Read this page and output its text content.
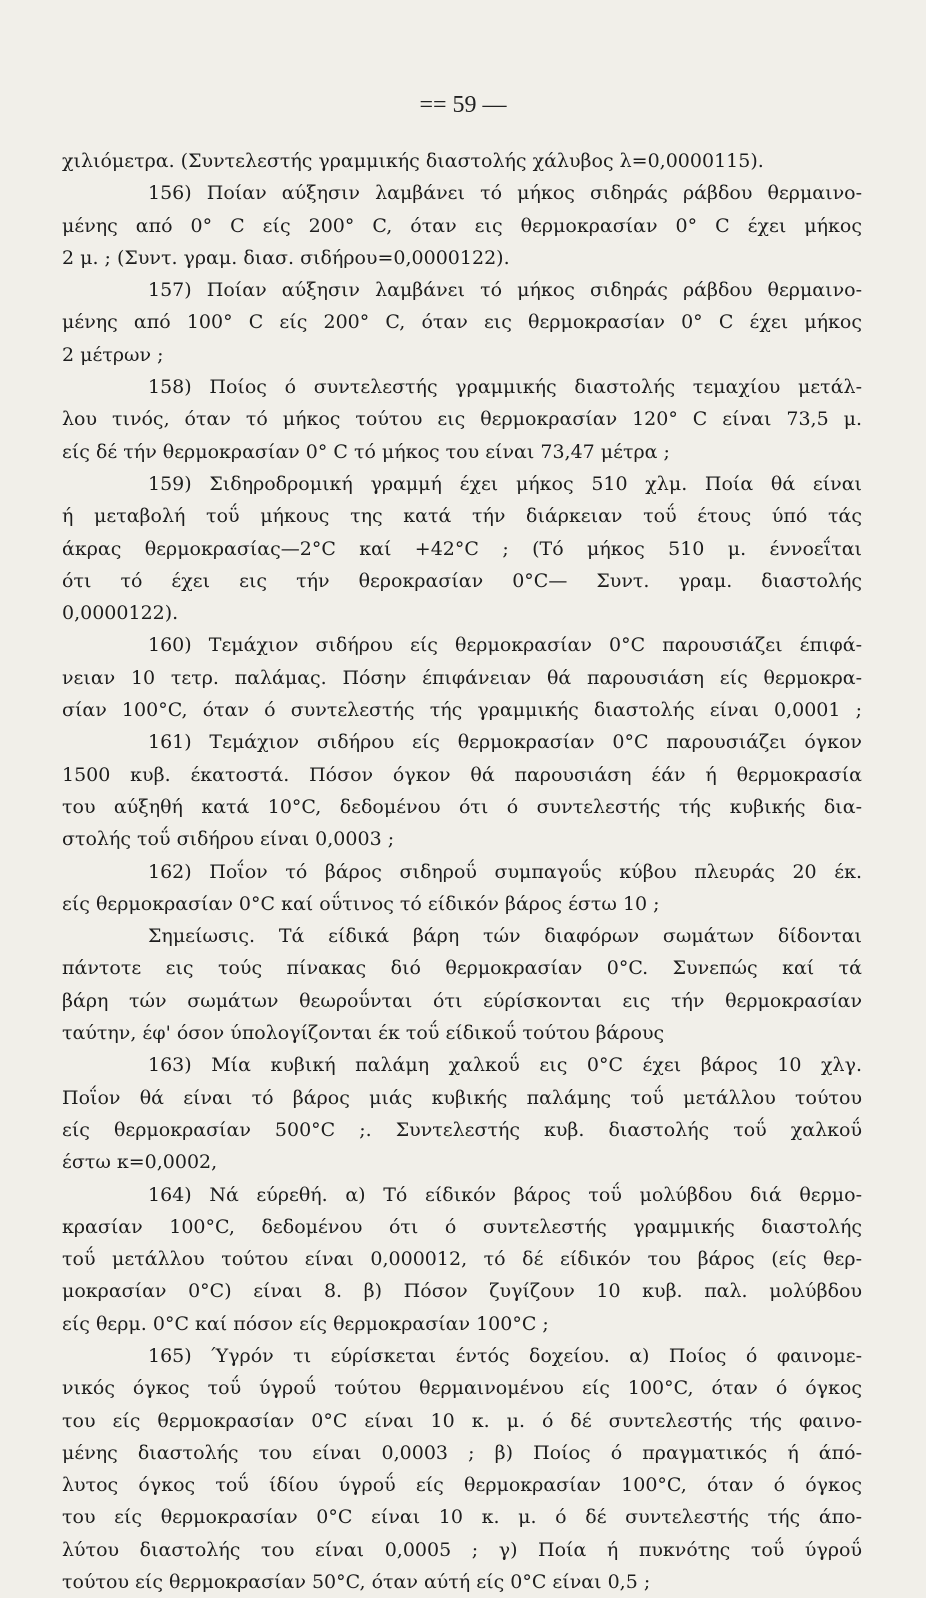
== 59 —
χιλιόμετρα. (Συντελεστής γραμμικής διαστολής χάλυβος λ=0,0000115).
156) Ποίαν αύξησιν λαμβάνει τό μήκος σιδηράς ράβδου θερμαινο-
μένης από 0° C είς 200° C, όταν εις θερμοκρασίαν 0° C έχει μήκος
2 μ. ; (Συντ. γραμ. διασ. σιδήρου=0,0000122).
157) Ποίαν αύξησιν λαμβάνει τό μήκος σιδηράς ράβδου θερμαινο-
μένης από 100° C είς 200° C, όταν εις θερμοκρασίαν 0° C έχει μήκος
2 μέτρων ;
158) Ποίος ό συντελεστής γραμμικής διαστολής τεμαχίου μετάλ-
λου τινός, όταν τό μήκος τούτου εις θερμοκρασίαν 120° C είναι 73,5 μ.
είς δέ τήν θερμοκρασίαν 0° C τό μήκος του είναι 73,47 μέτρα ;
159) Σιδηροδρομική γραμμή έχει μήκος 510 χλμ. Ποία θά είναι
ή μεταβολή τοΰ μήκους της κατά τήν διάρκειαν τοΰ έτους ύπό τάς
άκρας θερμοκρασίας—2°C καί +42°C ; (Τό μήκος 510 μ. έννοεΐται
ότι τό έχει εις τήν θεροκρασίαν 0°C— Συντ. γραμ. διαστολής
0,0000122).
160) Τεμάχιον σιδήρου είς θερμοκρασίαν 0°C παρουσιάζει έπιφά-
νειαν 10 τετρ. παλάμας. Πόσην έπιφάνειαν θά παρουσιάση είς θερμοκρα-
σίαν 100°C, όταν ό συντελεστής τής γραμμικής διαστολής είναι 0,0001 ;
161) Τεμάχιον σιδήρου είς θερμοκρασίαν 0°C παρουσιάζει όγκον
1500 κυβ. έκατοστά. Πόσον όγκον θά παρουσιάση έάν ή θερμοκρασία
του αύξηθή κατά 10°C, δεδομένου ότι ό συντελεστής τής κυβικής δια-
στολής τοΰ σιδήρου είναι 0,0003 ;
162) Ποΐον τό βάρος σιδηροΰ συμπαγοΰς κύβου πλευράς 20 έκ.
είς θερμοκρασίαν 0°C καί οΰτινος τό είδικόν βάρος έστω 10 ;
Σημείωσις. Τά είδικά βάρη τών διαφόρων σωμάτων δίδονται
πάντοτε εις τούς πίνακας διό θερμοκρασίαν 0°C. Συνεπώς καί τά
βάρη τών σωμάτων θεωροΰνται ότι εύρίσκονται εις τήν θερμοκρασίαν
ταύτην, έφ' όσον ύπολογίζονται έκ τοΰ είδικοΰ τούτου βάρους
163) Μία κυβική παλάμη χαλκοΰ εις 0°C έχει βάρος 10 χλγ.
Ποΐον θά είναι τό βάρος μιάς κυβικής παλάμης τοΰ μετάλλου τούτου
είς θερμοκρασίαν 500°C ;. Συντελεστής κυβ. διαστολής τοΰ χαλκοΰ
έστω κ=0,0002,
164) Νά εύρεθή. α) Τό είδικόν βάρος τοΰ μολύβδου διά θερμο-
κρασίαν 100°C, δεδομένου ότι ό συντελεστής γραμμικής διαστολής
τοΰ μετάλλου τούτου είναι 0,000012, τό δέ είδικόν του βάρος (είς θερ-
μοκρασίαν 0°C) είναι 8. β) Πόσον ζυγίζουν 10 κυβ. παλ. μολύβδου
είς θερμ. 0°C καί πόσον είς θερμοκρασίαν 100°C ;
165) Ύγρόν τι εύρίσκεται έντός δοχείου. α) Ποίος ό φαινομε-
νικός όγκος τοΰ ύγροΰ τούτου θερμαινομένου είς 100°C, όταν ό όγκος
του είς θερμοκρασίαν 0°C είναι 10 κ. μ. ό δέ συντελεστής τής φαινο-
μένης διαστολής του είναι 0,0003 ; β) Ποίος ό πραγματικός ή άπό-
λυτος όγκος τοΰ ίδίου ύγροΰ είς θερμοκρασίαν 100°C, όταν ό όγκος
του είς θερμοκρασίαν 0°C είναι 10 κ. μ. ό δέ συντελεστής τής άπο-
λύτου διαστολής του είναι 0,0005 ; γ) Ποία ή πυκνότης τοΰ ύγροΰ
τούτου είς θερμοκρασίαν 50°C, όταν αύτή είς 0°C είναι 0,5 ;
